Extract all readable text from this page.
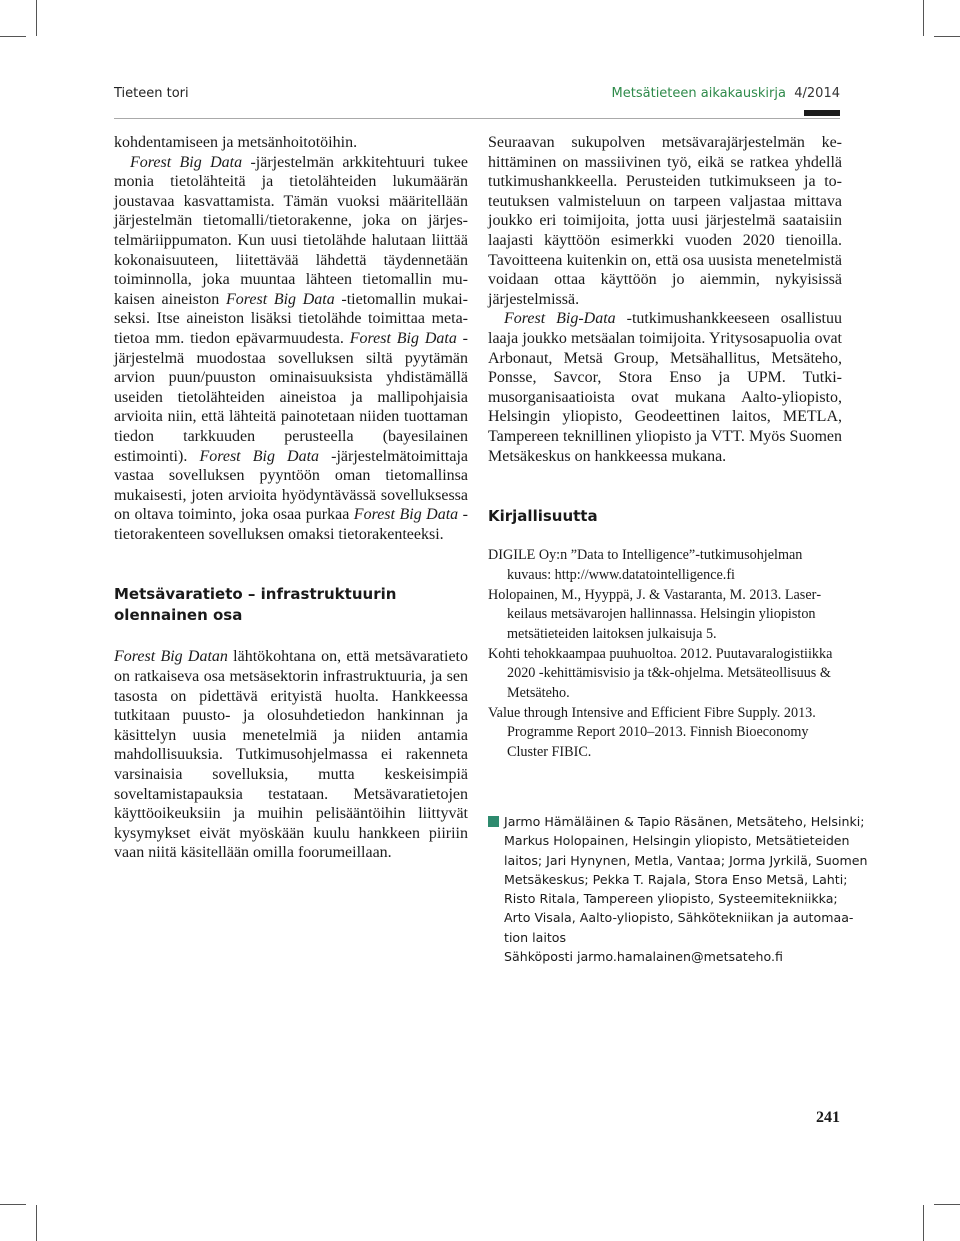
Tieteen tori	Metsätieteen aikakauskirja 4/2014

kohdentamiseen ja metsänhoitotöihin.

Forest Big Data -järjestelmän arkkitehtuuri tukee monia tietolähteitä ja tietolähteiden lukumäärän joustavaa kasvattamista. Tämän vuoksi määritellään järjestelmän tietomalli/tietorakenne, joka on järjestelmäriippumaton. Kun uusi tietolähde halutaan liittää kokonaisuuteen, liitettävää lähdettä täydennetään toiminnolla, joka muuntaa lähteen tietomallin mukaisen aineiston Forest Big Data -tietomallin mukaiseksi. Itse aineiston lisäksi tietolähde toimittaa metatietoa mm. tiedon epävarmuudesta. Forest Big Data -järjestelmä muodostaa sovelluksen siltä pyytämän arvion puun/puuston ominaisuuksista yhdistämällä useiden tietolähteiden aineistoa ja mallipohjaisia arvioita niin, että lähteitä painotetaan niiden tuottaman tiedon tarkkuuden perusteella (bayesilainen estimointi). Forest Big Data -järjestelmätoimittaja vastaa sovelluksen pyyntöön oman tietomallinsa mukaisesti, joten arvioita hyödyntävässä sovelluksessa on oltava toiminto, joka osaa purkaa Forest Big Data -tietorakenteen sovelluksen omaksi tietorakenteeksi.

Metsävaratieto – infrastruktuurin olennainen osa

Forest Big Datan lähtökohtana on, että metsävaratieto on ratkaiseva osa metsäsektorin infrastruktuuria, ja sen tasosta on pidettävä erityistä huolta. Hankkeessa tutkitaan puusto- ja olosuhdetiedon hankinnan ja käsittelyn uusia menetelmiä ja niiden antamia mahdollisuuksia. Tutkimusohjelmassa ei rakenneta varsinaisia sovelluksia, mutta keskeisimpiä soveltamistapauksia testataan. Metsävaratietojen käyttöoikeuksiin ja muihin pelisääntöihin liittyvät kysymykset eivät myöskään kuulu hankkeen piiriin vaan niitä käsitellään omilla foorumeillaan.

Seuraavan sukupolven metsävarajärjestelmän kehittäminen on massiivinen työ, eikä se ratkea yhdellä tutkimushankkeella. Perusteiden tutkimukseen ja toteutuksen valmisteluun on tarpeen valjastaa mittava joukko eri toimijoita, jotta uusi järjestelmä saataisiin laajasti käyttöön esimerkki vuoden 2020 tienoilla. Tavoitteena kuitenkin on, että osa uusista menetelmistä voidaan ottaa käyttöön jo aiemmin, nykyisissä järjestelmissä.

Forest Big-Data -tutkimushankkeeseen osallistuu laaja joukko metsäalan toimijoita. Yritysosapuolia ovat Arbonaut, Metsä Group, Metsähallitus, Metsäteho, Ponsse, Savcor, Stora Enso ja UPM. Tutkimusorganisaatioista ovat mukana Aalto-yliopisto, Helsingin yliopisto, Geodeettinen laitos, METLA, Tampereen teknillinen yliopisto ja VTT. Myös Suomen Metsäkeskus on hankkeessa mukana.

Kirjallisuutta

DIGILE Oy:n ”Data to Intelligence”-tutkimusohjelman kuvaus: http://www.datatointelligence.fi

Holopainen, M., Hyyppä, J. & Vastaranta, M. 2013. Laserkeilaus metsävarojen hallinnassa. Helsingin yliopiston metsätieteiden laitoksen julkaisuja 5.

Kohti tehokkaampaa puuhuoltoa. 2012. Puutavaralogistiikka 2020 -kehittämisvisio ja t&k-ohjelma. Metsäteollisuus & Metsäteho.

Value through Intensive and Efficient Fibre Supply. 2013. Programme Report 2010–2013. Finnish Bioeconomy Cluster FIBIC.

Jarmo Hämäläinen & Tapio Räsänen, Metsäteho, Helsinki;
Markus Holopainen, Helsingin yliopisto, Metsätieteiden
laitos; Jari Hynynen, Metla, Vantaa; Jorma Jyrkilä, Suomen
Metsäkeskus; Pekka T. Rajala, Stora Enso Metsä, Lahti;
Risto Ritala, Tampereen yliopisto, Systeemitekniikka;
Arto Visala, Aalto-yliopisto, Sähkötekniikan ja automaa-
tion laitos
Sähköposti jarmo.hamalainen@metsateho.fi
241
